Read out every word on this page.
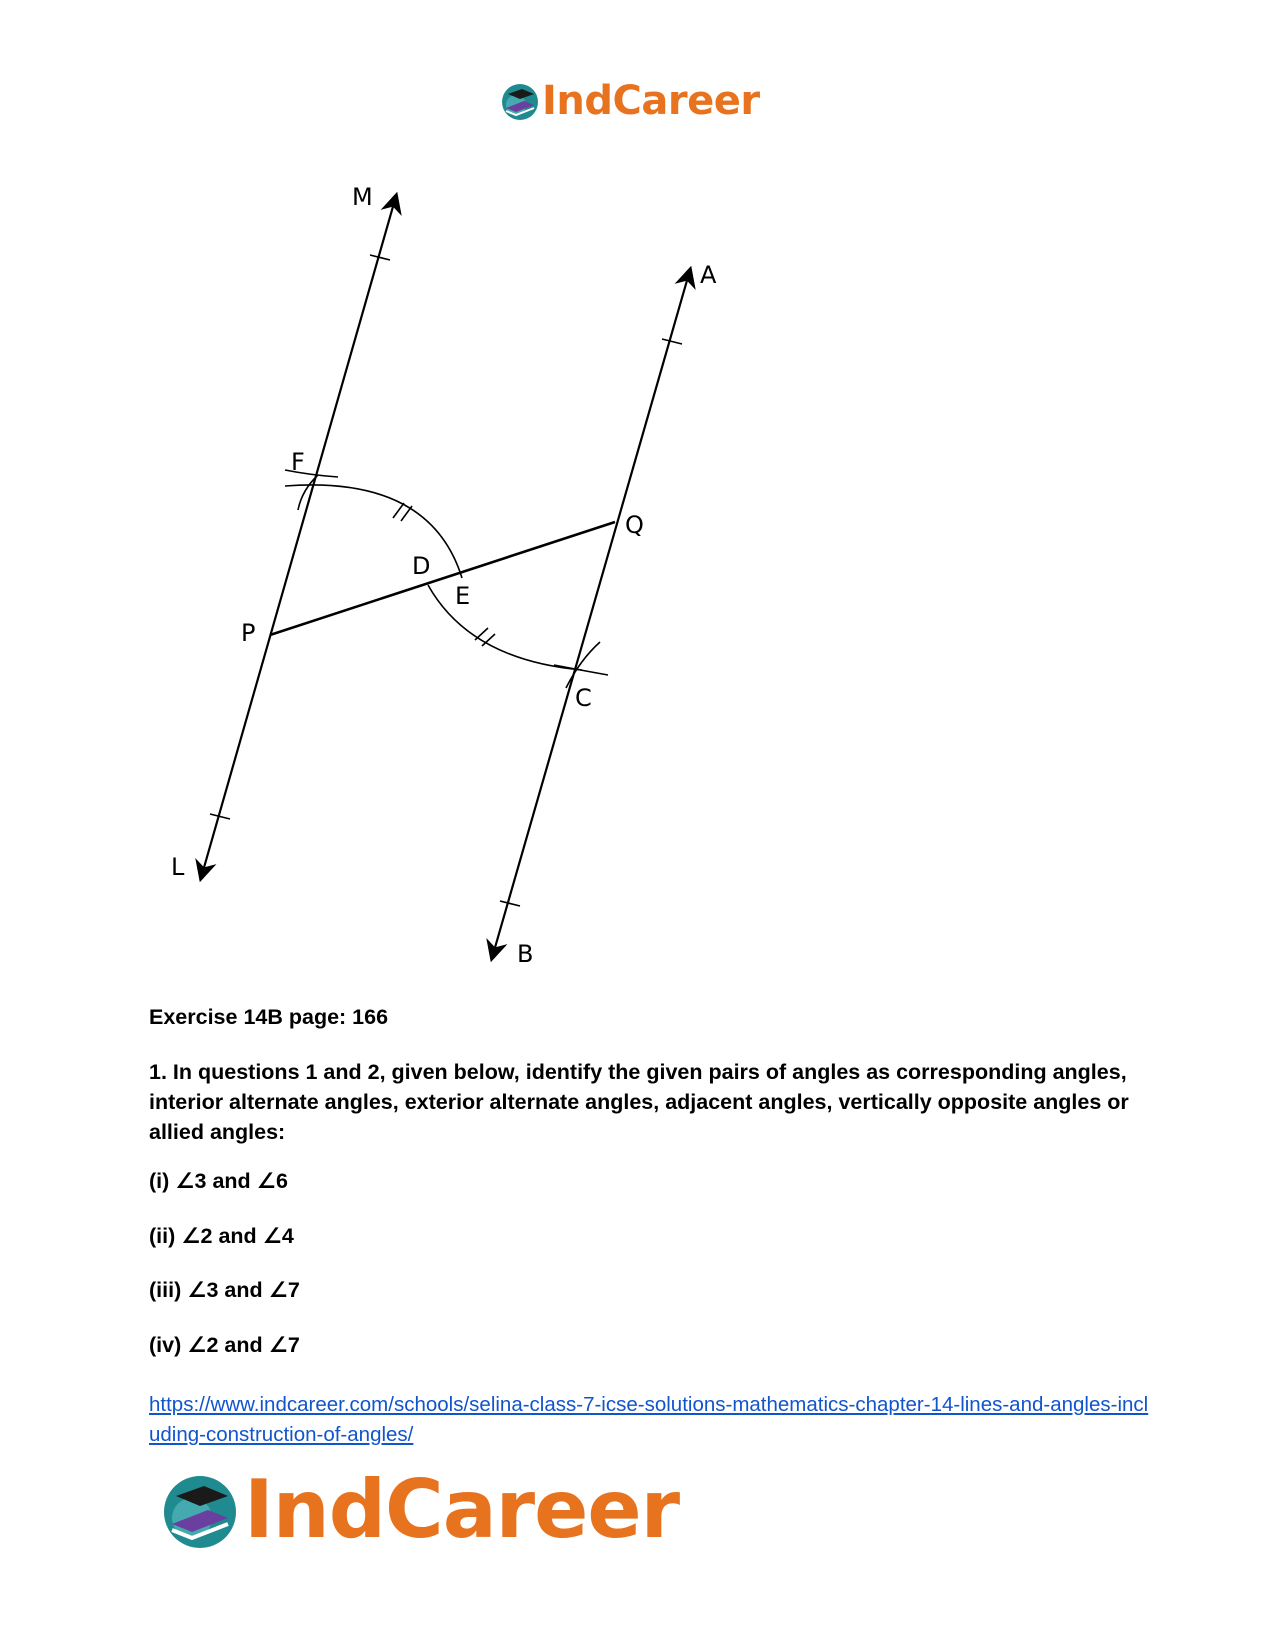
IndCareer
M
A
F
Q
D
E
P
C
L
B
Exercise 14B page: 166
1. In questions 1 and 2, given below, identify the given pairs of angles as corresponding angles, interior alternate angles, exterior alternate angles, adjacent angles, vertically opposite angles or allied angles:
(i) ∠3 and ∠6
(ii) ∠2 and ∠4
(iii) ∠3 and ∠7
(iv) ∠2 and ∠7
https://www.indcareer.com/schools/selina-class-7-icse-solutions-mathematics-chapter-14-lines-and-angles-including-construction-of-angles/
IndCareer
